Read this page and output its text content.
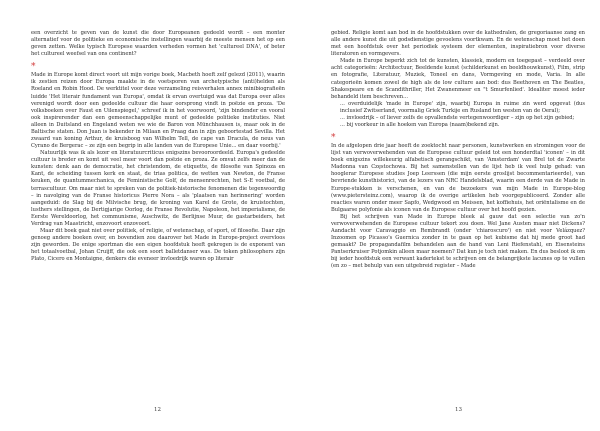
een overzicht te geven van de kunst die door Europeanen gedeeld wordt – een monter alternatief voor de politieke en economische instellingen waarbij de meeste mensen het op een geven zetten. Welke typisch Europese waarden verheden vormen het 'cultureel DNA', of beter het cultureel weefsel van ons continent?

*

Made in Europe komt direct voort uit mijn vorige boek, Macbeth hoeft zelf gelezd (2011), waarin ik zestien reizen door Europa maakte in de voetsporen van archetypische (anti)helden als Roeland en Robin Hood. De werktitel voor deze verzameling reisverhalen annex minibiografieën luidde 'Het literair fundament van Europa', omdat ik ervan overtuigd was dat Europa over alles verenigd wordt door een gedeelde cultuur die haar oorsprong vindt in poëzie en proza. 'De volksboeken over Faust en Uilenspiegel,' schreef ik in het voorwoord, 'zijn bindender en vooral ook inspirerender dan een gemeenschappelijke munt of gedeelde politieke instituties. Niet alleen in Duitsland en Engeland weten we wie de Baron von Münchhausen is, maar ook in de Baltische staten. Don Juan is bekender in Milaan en Praag dan in zijn geboortestad Sevilla. Het zwaard van koning Arthur, de kruisboog van Wilhelm Tell, de cape van Dracula, de neus van Cyrano de Bergerac – ze zijn een begrip in alle landen van de Europese Unie... en daar voorbij.'

Natuurlijk was ik als lezer en literatuurcriticus enigszins bevooroordeeld. Europa's gedeelde cultuur is breder en komt uit veel meer voort dan poëzie en proza. Ze omvat zelfs meer dan de kunsten: denk aan de democratie, het christendom, de etiquette, de filosofie van Spinoza en Kant, de scheiding tussen kerk en staat, de trias politica, de wetten van Newton, de Franse keuken, de quantummechanica, de Feministische Golf, de mensenrechten, het S-E voetbal, de terrascultuur. Om maar niet te spreken van de politiek-historische fenomenen die tegenwoordig – in navolging van de Franse historicus Pierre Nora – als 'plaatsen van herinnering' worden aangeduid: de Slag bij de Milvische brug, de kroning van Karel de Grote, de kruistochten, lusthers stellingen, de Dertigjarige Oorlog, de Franse Revolutie, Napoleon, het imperialisme, de Eerste Wereldoorlog, het communisme, Auschwitz, de Berlijnse Muur, de gastarbeiders, het Verdrag van Maastricht, enzovoort enzovoort.

Maar dit boek gaat niet over politiek, of religie, of wetenschap, of sport, of filosofie. Daar zijn genoeg andere boeken over, en bovendien zou daarover het Made in Europe-project overvloos zijn geworden. De enige sportman die een eigen hoofdstuk heeft gekregen is de exponent van het totaalvoetbal, Johan Cruijff, die ook een soort balletdanser was. De token philosophers zijn Plato, Cicero en Montaigne, denkers die eveneer invloedrijk waren op literair

gebied. Religie komt aan bod in de hoofdstukken over de kathedralen, de gregoriaanse zang en alle andere kunst die uit godsdienstige gevoelens voortkwam. En de wetenschap moet het doen met een hoofdstuk over het periodiek systeem der elementen, inspiratiebron voor diverse literatoren en vormgevers.

Made in Europe beperkt zich tot de kunsten, klassiek, modern en toegepast – verdeeld over acht categorieën: Architectuur, Beeldende kunst (schilderkunst en beeldhouwkunst), Film, strip en fotografie, Literatuur, Muziek, Toneel en dans, Vormgeving en mode, Varia. In alle categorieën komen zowel de high als de low culture aan bod: dus Beethoven en The Beatles, Shakespeare en de Scandithriller, Het Zwanenmeer en "t Smurfenlied'. Idealiter moest ieder behandeld item beschreven...

... overduidelijk 'made in Europe' zijn, waarbij Europa in ruime zin werd opgevat (dus inclusief Zwitserland, voormalig Griek Turkije en Rusland ten westen van de Oeral);

... invloedrijk – of liever zelfs de opvallendste vertegenwoordiger – zijn op het zijn gebied;

... bij voorkeur in alle hoeken van Europa (naam)bekend zijn.

*

In de afgelopen drie jaar heeft de zoektocht naar personen, kunstwerken en stromingen voor de lijst van verwoverwehenden van de Europese cultuur geleid tot een honderdtal 'iconen' – in dit boek enigszins willekeurig alfabetisch gerangschikt, van 'Amsterdam' van Brel tot de Zwarte Madonna van Częstochowa. Bij het samenstellen van de lijst heb ik veel hulp gehad: van hooglerar Europese studies Joep Leerssen (die mijn eerste groslijst becommentarieerde), van bevriende kunsthistorici, van de lezers van NRC Handelsblad, waarin een derde van de Made in Europe-stukken is verschenen, en van de bezoekers van mijn Made in Europe-blog (www.pietersteinz.com), waarop ik de overige artikelen heb voorgepubliceerd. Zonder alle reacties waren onder meer Sapfo, Wedgwood en Meissen, het koffiehuis, het oriëntalisme en de Bulgaarse polyfonie als iconen van de Europese cultuur over het hoofd gezien.

Bij het schrijven van Made in Europe bleek al gauw dat een selectie van zo'n verwoverwehenden de Europese cultuur tekort zou doen. Wel Jane Austen maar niet Dickens? Aandacht voor Caravaggio en Rembrandt (onder 'chiaroscuro') en niet voor Velázquez? Inzoomen op Picasso's Guernica zonder in te gaan op het kubisme dat hij mede groot had gemaakt? De propagandafilm behandelen aan de hand van Leni Riefenstahl, en Eisensteins Pantserkruiser Potjomkin alleen maar noemen? Dat kun je toch niet maken. En dus besloot ik om bij ieder hoofdstuk een verwant kadertekst te schrijven om de belangrijkste lacunes op te vullen (en zo – met behulp van een uitgebreid register – Made

12	13
